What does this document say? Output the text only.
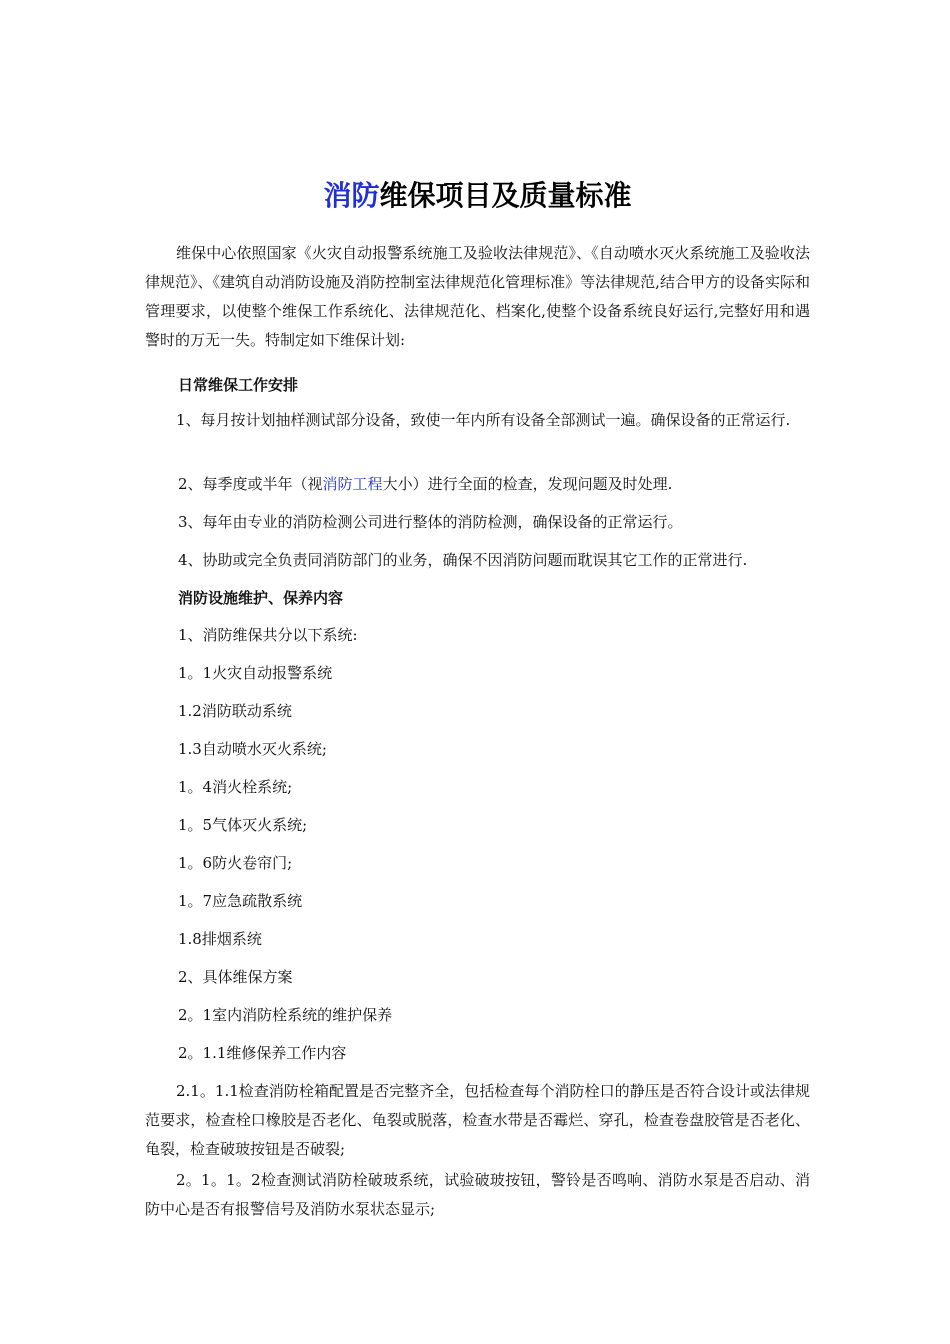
消防维保项目及质量标准

维保中心依照国家《火灾自动报警系统施工及验收法律规范》、《自动喷水灭火系统施工及验收法律规范》、《建筑自动消防设施及消防控制室法律规范化管理标准》等法律规范,结合甲方的设备实际和管理要求，以使整个维保工作系统化、法律规范化、档案化,使整个设备系统良好运行,完整好用和遇警时的万无一失。特制定如下维保计划:

日常维保工作安排

1、每月按计划抽样测试部分设备，致使一年内所有设备全部测试一遍。确保设备的正常运行.

2、每季度或半年（视消防工程大小）进行全面的检查，发现问题及时处理.

3、每年由专业的消防检测公司进行整体的消防检测，确保设备的正常运行。

4、协助或完全负责同消防部门的业务，确保不因消防问题而耽误其它工作的正常进行.

消防设施维护、保养内容

1、消防维保共分以下系统:

1。1火灾自动报警系统

1.2消防联动系统

1.3自动喷水灭火系统;

1。4消火栓系统;

1。5气体灭火系统;

1。6防火卷帘门;

1。7应急疏散系统

1.8排烟系统

2、具体维保方案

2。1室内消防栓系统的维护保养

2。1.1维修保养工作内容

2.1。1.1检查消防栓箱配置是否完整齐全，包括检查每个消防栓口的静压是否符合设计或法律规范要求，检查栓口橡胶是否老化、龟裂或脱落，检查水带是否霉烂、穿孔，检查卷盘胶管是否老化、龟裂，检查破玻按钮是否破裂;

2。1。1。2检查测试消防栓破玻系统，试验破玻按钮，警铃是否鸣响、消防水泵是否启动、消防中心是否有报警信号及消防水泵状态显示;
